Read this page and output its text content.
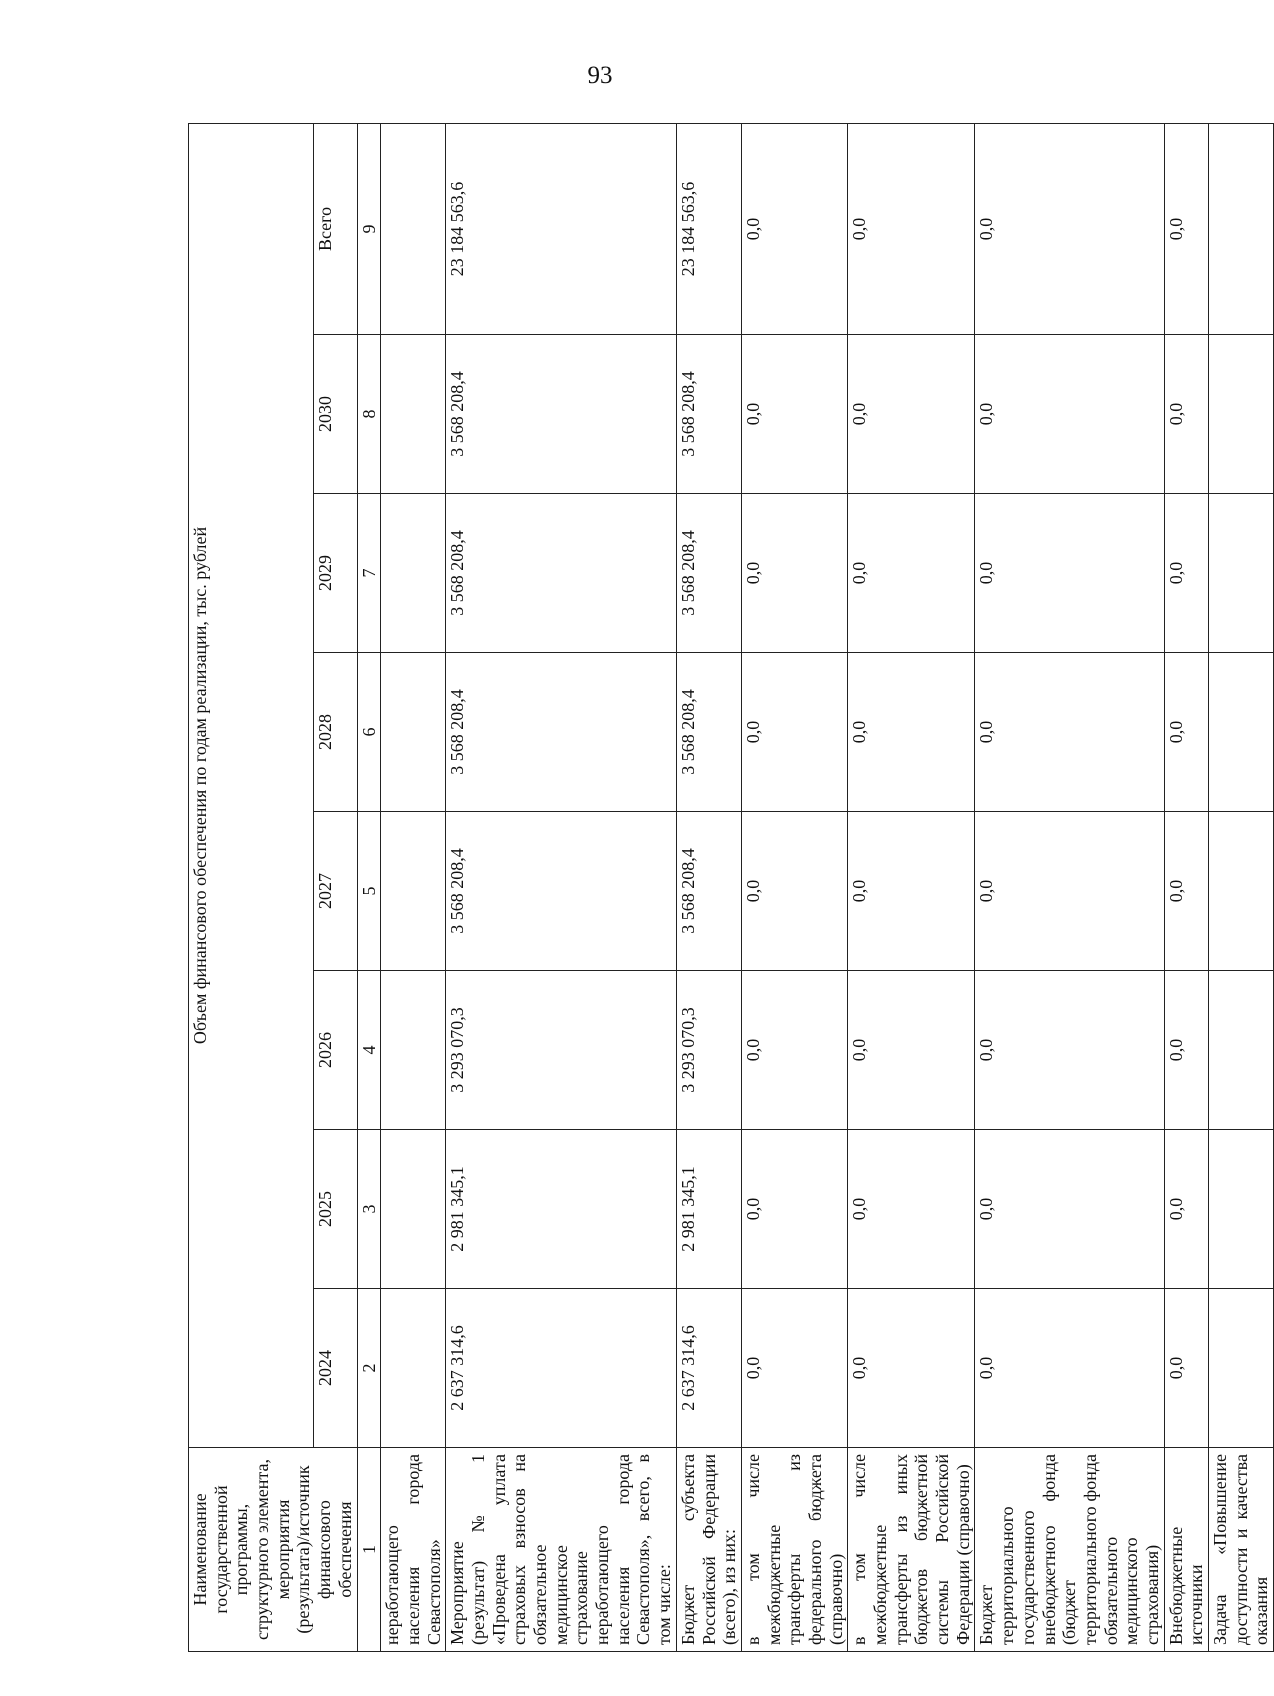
93
Наименование государственной программы, структурного элемента, мероприятия (результата)/источник финансового обеспечения	Объем финансового обеспечения по годам реализации, тыс. рублей							
	2024	2025	2026	2027	2028	2029	2030	Всего
1	2	3	4	5	6	7	8	9
неработающего населения города Севастополя»								
Мероприятие (результат) № 1 «Проведена уплата страховых взносов на обязательное медицинское страхование неработающего населения города Севастополя», всего, в том числе:	2 637 314,6	2 981 345,1	3 293 070,3	3 568 208,4	3 568 208,4	3 568 208,4	3 568 208,4	23 184 563,6
Бюджет субъекта Российской Федерации (всего), из них:	2 637 314,6	2 981 345,1	3 293 070,3	3 568 208,4	3 568 208,4	3 568 208,4	3 568 208,4	23 184 563,6
в том числе межбюджетные трансферты из федерального бюджета (справочно)	0,0	0,0	0,0	0,0	0,0	0,0	0,0	0,0
в том числе межбюджетные трансферты из иных бюджетов бюджетной системы Российской Федерации (справочно)	0,0	0,0	0,0	0,0	0,0	0,0	0,0	0,0
Бюджет территориального государственного внебюджетного фонда (бюджет территориального фонда обязательного медицинского страхования)	0,0	0,0	0,0	0,0	0,0	0,0	0,0	0,0
Внебюджетные источники	0,0	0,0	0,0	0,0	0,0	0,0	0,0	0,0
Задача «Повышение доступности и качества оказания								
